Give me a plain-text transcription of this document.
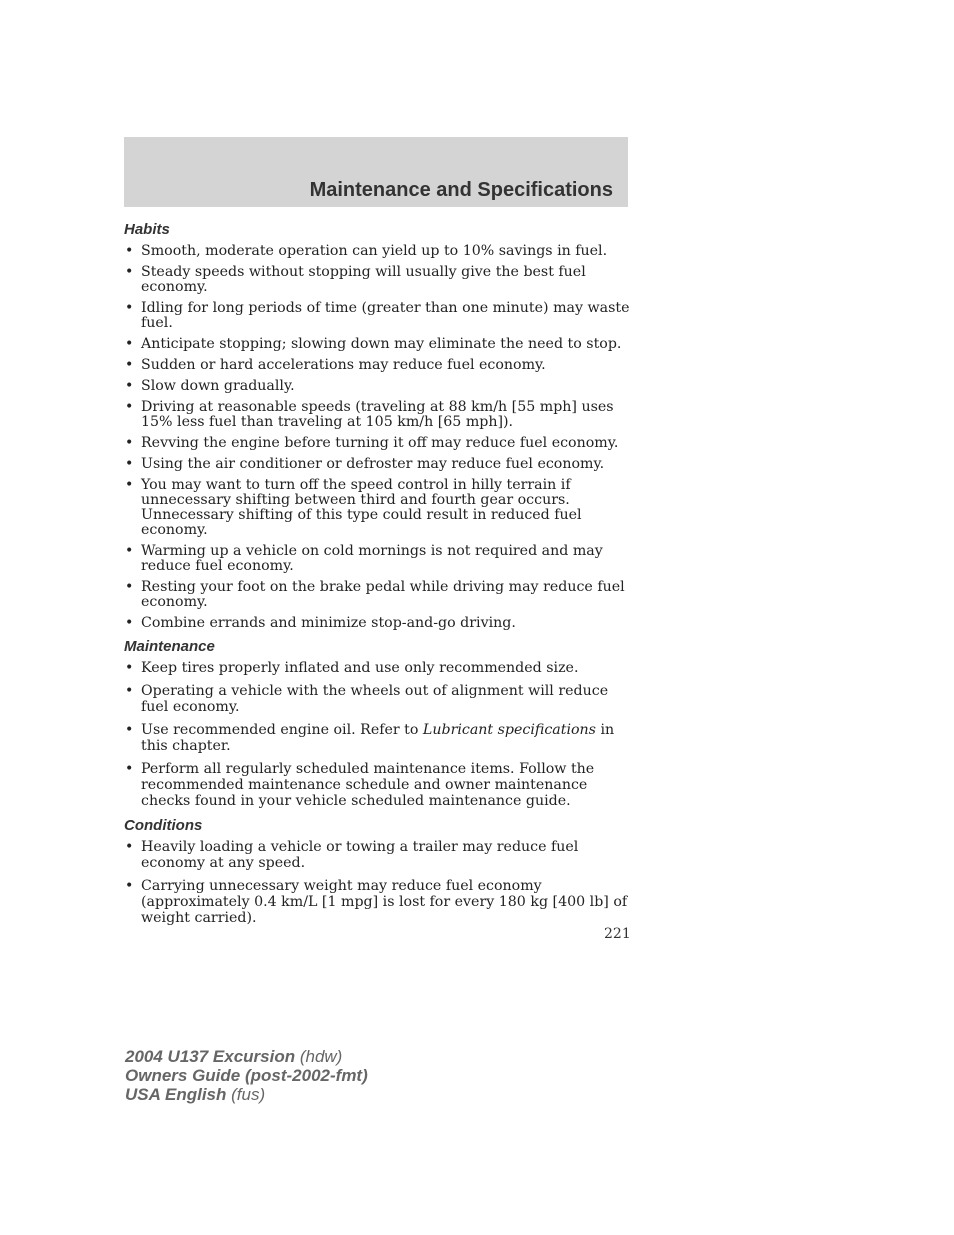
Maintenance and Specifications
Habits
• Smooth, moderate operation can yield up to 10% savings in fuel.
• Steady speeds without stopping will usually give the best fuel economy.
• Idling for long periods of time (greater than one minute) may waste fuel.
• Anticipate stopping; slowing down may eliminate the need to stop.
• Sudden or hard accelerations may reduce fuel economy.
• Slow down gradually.
• Driving at reasonable speeds (traveling at 88 km/h [55 mph] uses 15% less fuel than traveling at 105 km/h [65 mph]).
• Revving the engine before turning it off may reduce fuel economy.
• Using the air conditioner or defroster may reduce fuel economy.
• You may want to turn off the speed control in hilly terrain if unnecessary shifting between third and fourth gear occurs. Unnecessary shifting of this type could result in reduced fuel economy.
• Warming up a vehicle on cold mornings is not required and may reduce fuel economy.
• Resting your foot on the brake pedal while driving may reduce fuel economy.
• Combine errands and minimize stop-and-go driving.
Maintenance
• Keep tires properly inflated and use only recommended size.
• Operating a vehicle with the wheels out of alignment will reduce fuel economy.
• Use recommended engine oil. Refer to Lubricant specifications in this chapter.
• Perform all regularly scheduled maintenance items. Follow the recommended maintenance schedule and owner maintenance checks found in your vehicle scheduled maintenance guide.
Conditions
• Heavily loading a vehicle or towing a trailer may reduce fuel economy at any speed.
• Carrying unnecessary weight may reduce fuel economy (approximately 0.4 km/L [1 mpg] is lost for every 180 kg [400 lb] of weight carried).
221
2004 U137 Excursion (hdw)
Owners Guide (post-2002-fmt)
USA English (fus)
